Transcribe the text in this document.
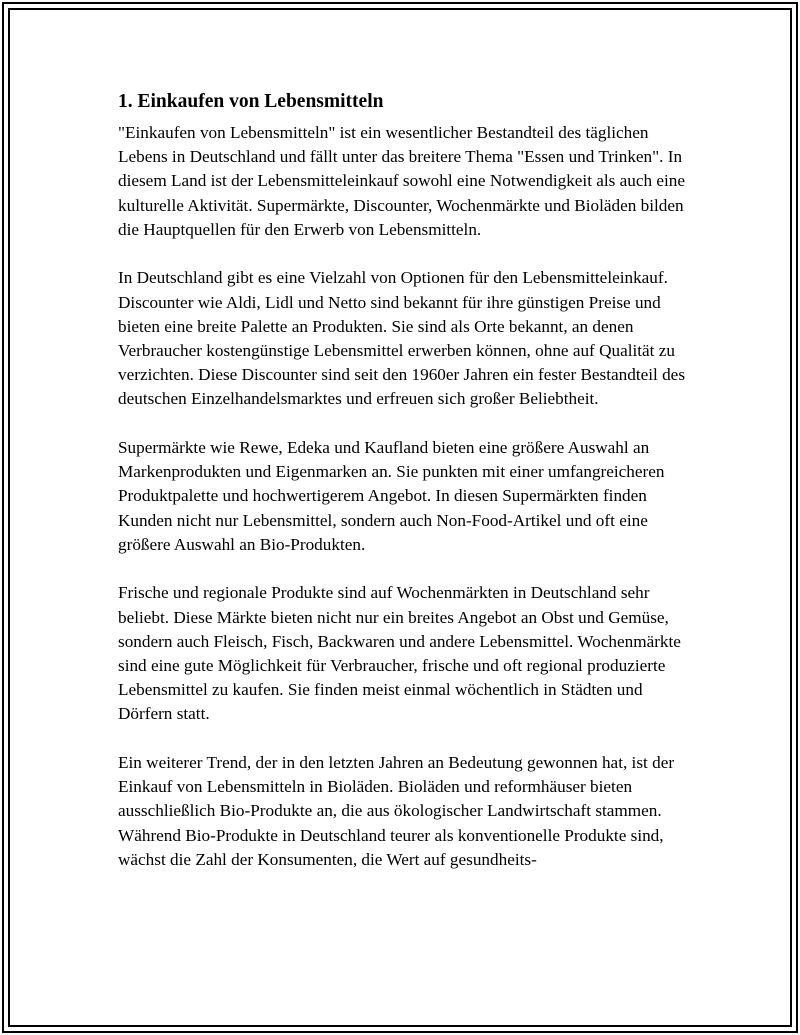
1. Einkaufen von Lebensmitteln

"Einkaufen von Lebensmitteln" ist ein wesentlicher Bestandteil des täglichen Lebens in Deutschland und fällt unter das breitere Thema "Essen und Trinken". In diesem Land ist der Lebensmitteleinkauf sowohl eine Notwendigkeit als auch eine kulturelle Aktivität. Supermärkte, Discounter, Wochenmärkte und Bioläden bilden die Hauptquellen für den Erwerb von Lebensmitteln.

In Deutschland gibt es eine Vielzahl von Optionen für den Lebensmitteleinkauf. Discounter wie Aldi, Lidl und Netto sind bekannt für ihre günstigen Preise und bieten eine breite Palette an Produkten. Sie sind als Orte bekannt, an denen Verbraucher kostengünstige Lebensmittel erwerben können, ohne auf Qualität zu verzichten. Diese Discounter sind seit den 1960er Jahren ein fester Bestandteil des deutschen Einzelhandelsmarktes und erfreuen sich großer Beliebtheit.

Supermärkte wie Rewe, Edeka und Kaufland bieten eine größere Auswahl an Markenprodukten und Eigenmarken an. Sie punkten mit einer umfangreicheren Produktpalette und hochwertigerem Angebot. In diesen Supermärkten finden Kunden nicht nur Lebensmittel, sondern auch Non-Food-Artikel und oft eine größere Auswahl an Bio-Produkten.

Frische und regionale Produkte sind auf Wochenmärkten in Deutschland sehr beliebt. Diese Märkte bieten nicht nur ein breites Angebot an Obst und Gemüse, sondern auch Fleisch, Fisch, Backwaren und andere Lebensmittel. Wochenmärkte sind eine gute Möglichkeit für Verbraucher, frische und oft regional produzierte Lebensmittel zu kaufen. Sie finden meist einmal wöchentlich in Städten und Dörfern statt.

Ein weiterer Trend, der in den letzten Jahren an Bedeutung gewonnen hat, ist der Einkauf von Lebensmitteln in Bioläden. Bioläden und reformhäuser bieten ausschließlich Bio-Produkte an, die aus ökologischer Landwirtschaft stammen. Während Bio-Produkte in Deutschland teurer als konventionelle Produkte sind, wächst die Zahl der Konsumenten, die Wert auf gesundheits-
